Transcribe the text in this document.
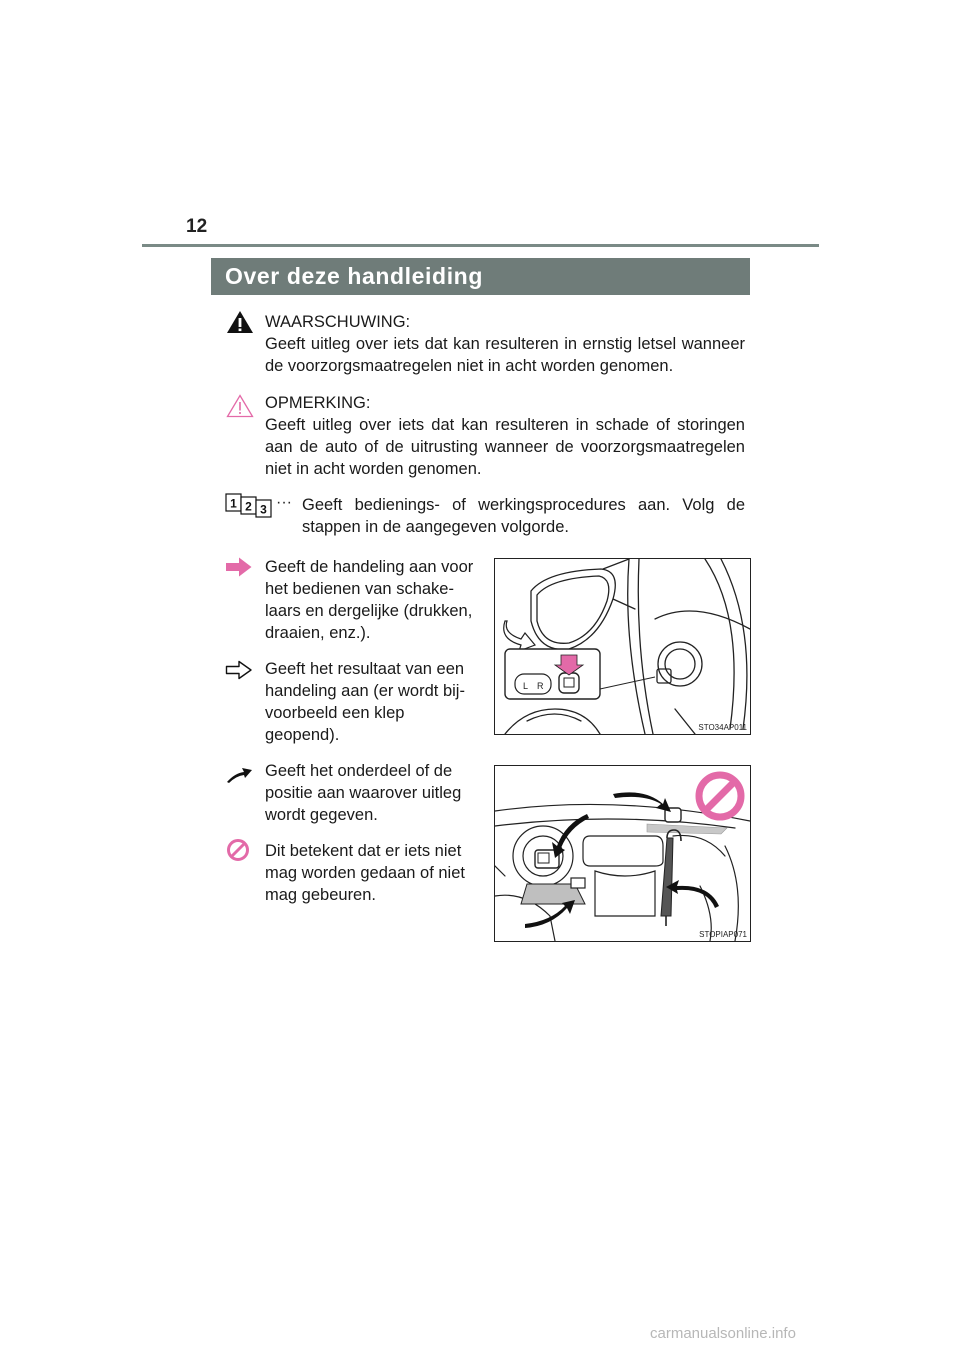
12
Over deze handleiding

WAARSCHUWING:

Geeft uitleg over iets dat kan resulteren in ernstig letsel wanneer de voorzorgsmaatregelen niet in acht worden genomen.

OPMERKING:

Geeft uitleg over iets dat kan resulteren in schade of storingen aan de auto of de uitrusting wanneer de voorzorgsmaatregelen niet in acht worden genomen.

1 2 3 ··· Geeft bedienings- of werkingsprocedures aan. Volg de stappen in de aangegeven volgorde.
Geeft de handeling aan voor het bedienen van schakelaars en dergelijke (drukken, draaien, enz.).
Geeft het resultaat van een handeling aan (er wordt bijvoorbeeld een klep geopend).
L R
STO34AP011
Geeft het onderdeel of de positie aan waarover uitleg wordt gegeven.
Dit betekent dat er iets niet mag worden gedaan of niet mag gebeuren.
STOPIAP071
carmanualsonline.info
